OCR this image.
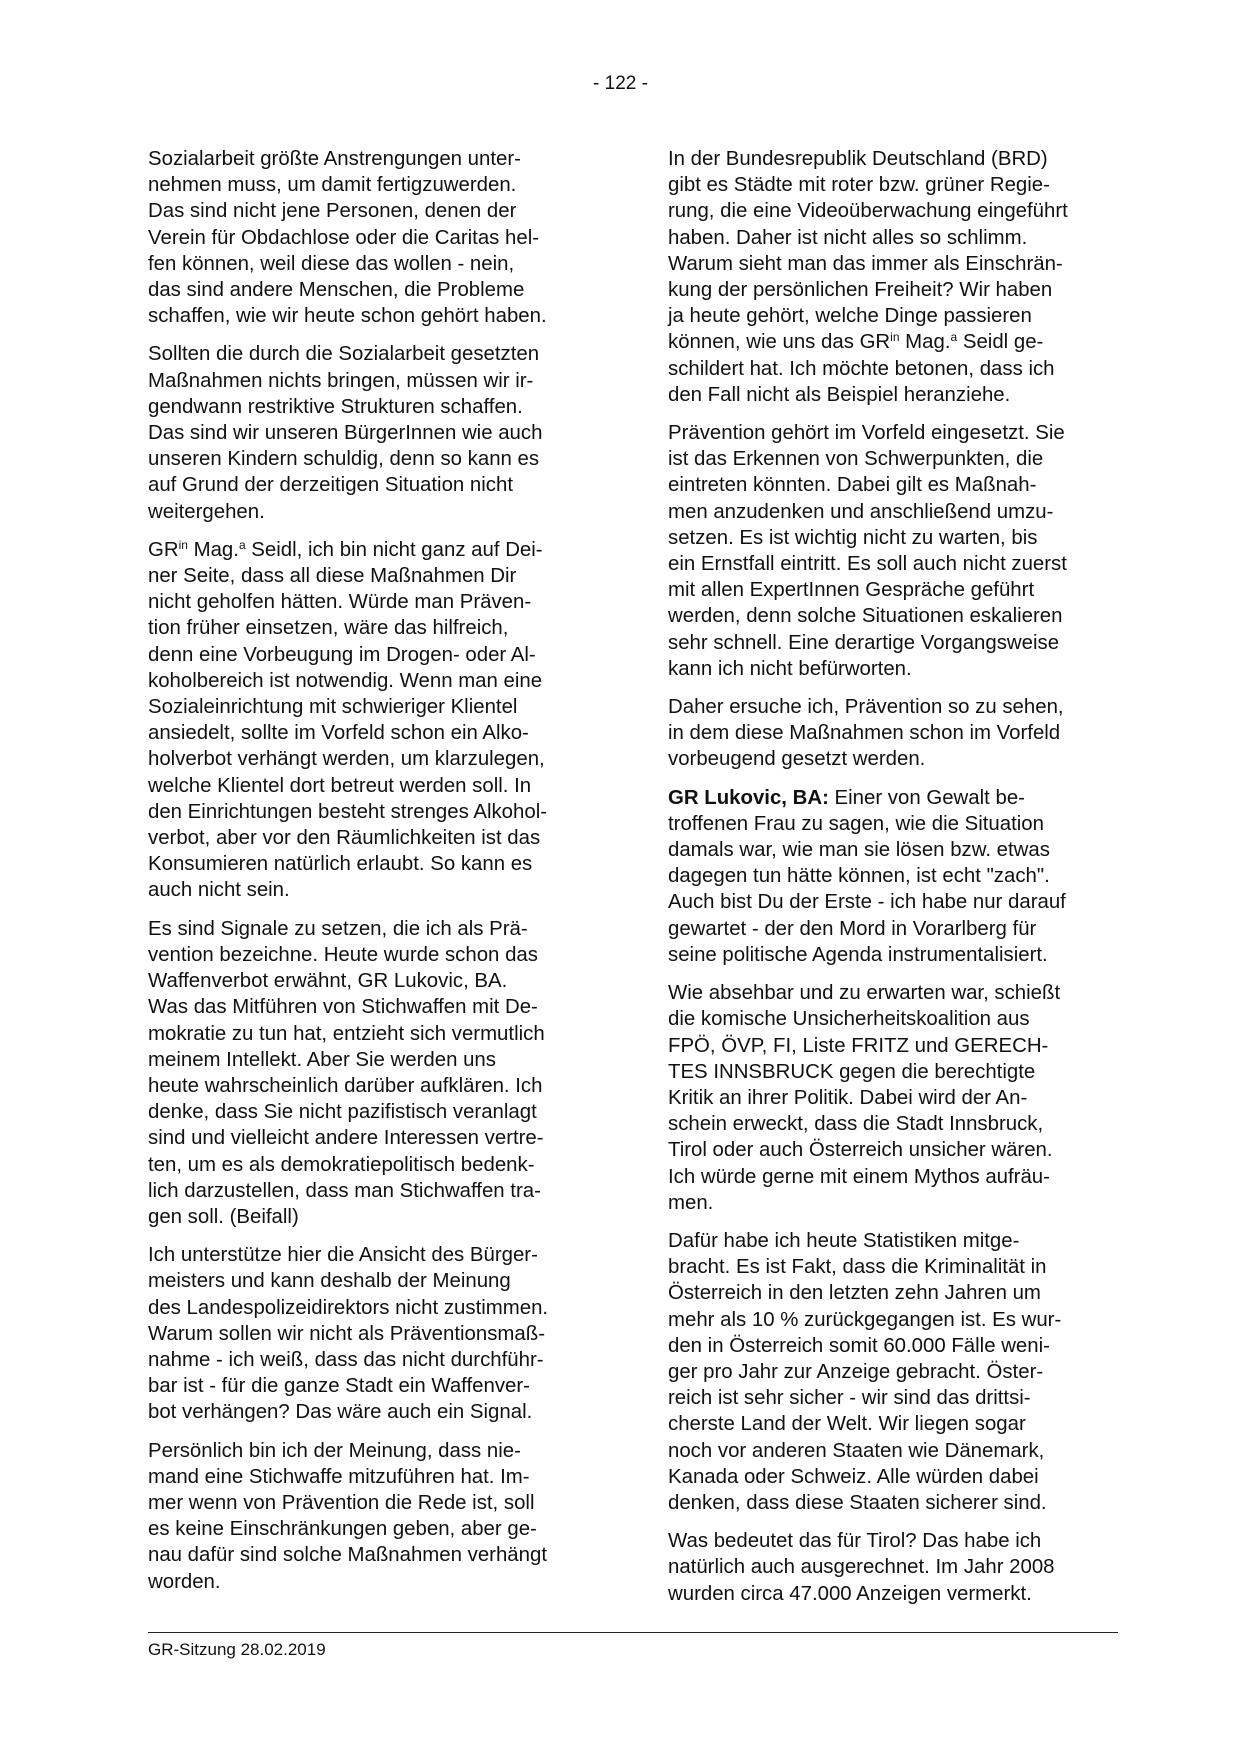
- 122 -

Sozialarbeit größte Anstrengungen unter-
nehmen muss, um damit fertigzuwerden.
Das sind nicht jene Personen, denen der
Verein für Obdachlose oder die Caritas hel-
fen können, weil diese das wollen - nein,
das sind andere Menschen, die Probleme
schaffen, wie wir heute schon gehört haben.

Sollten die durch die Sozialarbeit gesetzten
Maßnahmen nichts bringen, müssen wir ir-
gendwann restriktive Strukturen schaffen.
Das sind wir unseren BürgerInnen wie auch
unseren Kindern schuldig, denn so kann es
auf Grund der derzeitigen Situation nicht
weitergehen.

$GR^{in}$ Mag.$^a$ Seidl, ich bin nicht ganz auf Dei-
ner Seite, dass all diese Maßnahmen Dir
nicht geholfen hätten. Würde man Präven-
tion früher einsetzen, wäre das hilfreich,
denn eine Vorbeugung im Drogen- oder Al-
koholbereich ist notwendig. Wenn man eine
Sozialeinrichtung mit schwieriger Klientel
ansiedelt, sollte im Vorfeld schon ein Alko-
holverbot verhängt werden, um klarzulegen,
welche Klientel dort betreut werden soll. In
den Einrichtungen besteht strenges Alkohol-
verbot, aber vor den Räumlichkeiten ist das
Konsumieren natürlich erlaubt. So kann es
auch nicht sein.

Es sind Signale zu setzen, die ich als Prä-
vention bezeichne. Heute wurde schon das
Waffenverbot erwähnt, GR Lukovic, BA.
Was das Mitführen von Stichwaffen mit De-
mokratie zu tun hat, entzieht sich vermutlich
meinem Intellekt. Aber Sie werden uns
heute wahrscheinlich darüber aufklären. Ich
denke, dass Sie nicht pazifistisch veranlagt
sind und vielleicht andere Interessen vertre-
ten, um es als demokratiepolitisch bedenk-
lich darzustellen, dass man Stichwaffen tra-
gen soll. (Beifall)

Ich unterstütze hier die Ansicht des Bürger-
meisters und kann deshalb der Meinung
des Landespolizeidirektors nicht zustimmen.
Warum sollen wir nicht als Präventionsmaß-
nahme - ich weiß, dass das nicht durchführ-
bar ist - für die ganze Stadt ein Waffenver-
bot verhängen? Das wäre auch ein Signal.

Persönlich bin ich der Meinung, dass nie-
mand eine Stichwaffe mitzuführen hat. Im-
mer wenn von Prävention die Rede ist, soll
es keine Einschränkungen geben, aber ge-
nau dafür sind solche Maßnahmen verhängt
worden.

In der Bundesrepublik Deutschland (BRD)
gibt es Städte mit roter bzw. grüner Regie-
rung, die eine Videoüberwachung eingeführt
haben. Daher ist nicht alles so schlimm.
Warum sieht man das immer als Einschrän-
kung der persönlichen Freiheit? Wir haben
ja heute gehört, welche Dinge passieren
können, wie uns das $GR^{in}$ Mag.$^a$ Seidl ge-
schildert hat. Ich möchte betonen, dass ich
den Fall nicht als Beispiel heranziehe.

Prävention gehört im Vorfeld eingesetzt. Sie
ist das Erkennen von Schwerpunkten, die
eintreten könnten. Dabei gilt es Maßnah-
men anzudenken und anschließend umzu-
setzen. Es ist wichtig nicht zu warten, bis
ein Ernstfall eintritt. Es soll auch nicht zuerst
mit allen ExpertInnen Gespräche geführt
werden, denn solche Situationen eskalieren
sehr schnell. Eine derartige Vorgangsweise
kann ich nicht befürworten.

Daher ersuche ich, Prävention so zu sehen,
in dem diese Maßnahmen schon im Vorfeld
vorbeugend gesetzt werden.

GR Lukovic, BA: Einer von Gewalt be-
troffenen Frau zu sagen, wie die Situation
damals war, wie man sie lösen bzw. etwas
dagegen tun hätte können, ist echt "zach".
Auch bist Du der Erste - ich habe nur darauf
gewartet - der den Mord in Vorarlberg für
seine politische Agenda instrumentalisiert.

Wie absehbar und zu erwarten war, schießt
die komische Unsicherheitskoalition aus
FPÖ, ÖVP, FI, Liste FRITZ und GERECH-
TES INNSBRUCK gegen die berechtigte
Kritik an ihrer Politik. Dabei wird der An-
schein erweckt, dass die Stadt Innsbruck,
Tirol oder auch Österreich unsicher wären.
Ich würde gerne mit einem Mythos aufräu-
men.

Dafür habe ich heute Statistiken mitge-
bracht. Es ist Fakt, dass die Kriminalität in
Österreich in den letzten zehn Jahren um
mehr als 10 % zurückgegangen ist. Es wur-
den in Österreich somit 60.000 Fälle weni-
ger pro Jahr zur Anzeige gebracht. Öster-
reich ist sehr sicher - wir sind das drittsi-
cherste Land der Welt. Wir liegen sogar
noch vor anderen Staaten wie Dänemark,
Kanada oder Schweiz. Alle würden dabei
denken, dass diese Staaten sicherer sind.

Was bedeutet das für Tirol? Das habe ich
natürlich auch ausgerechnet. Im Jahr 2008
wurden circa 47.000 Anzeigen vermerkt.

GR-Sitzung 28.02.2019
